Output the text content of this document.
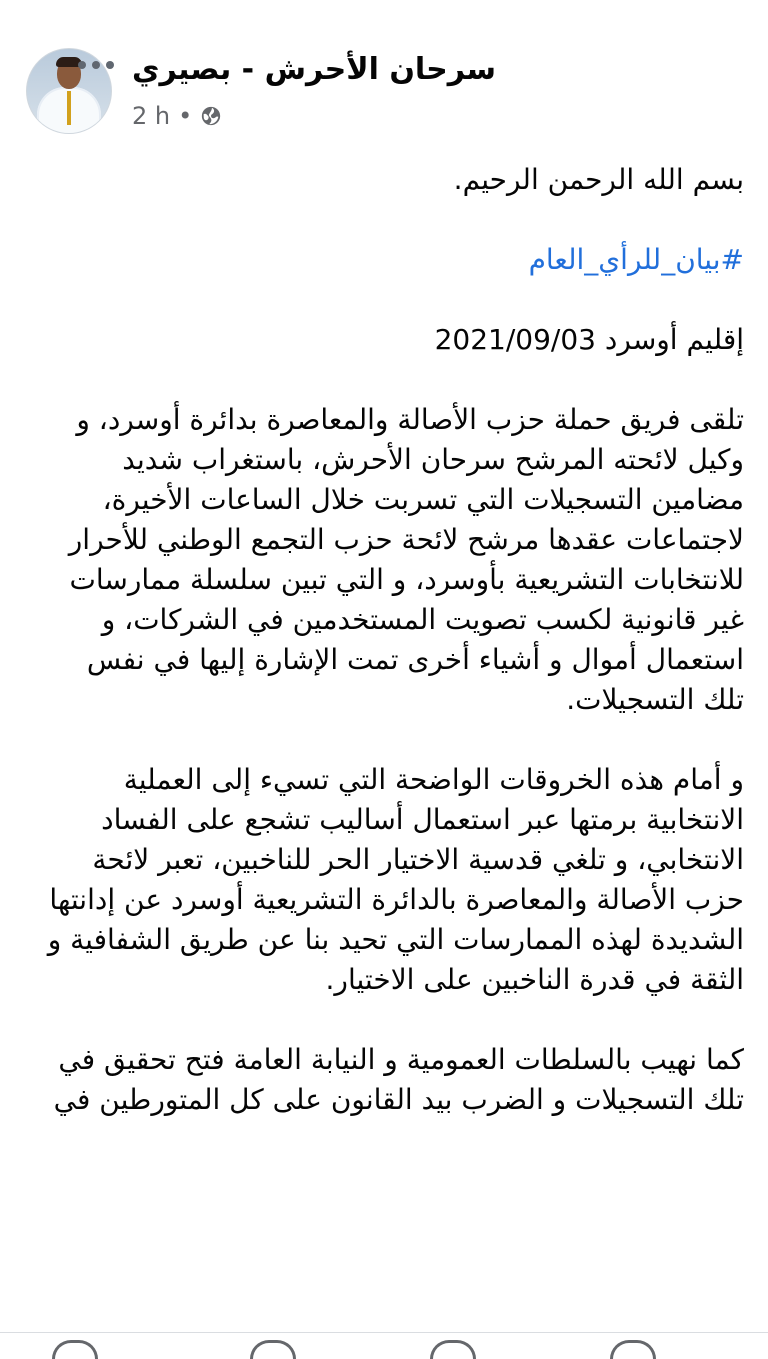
سرحان الأحرش - بصيري
2 h •
بسم الله الرحمن الرحيم.
#بيان_للرأي_العام
إقليم أوسرد 2021/09/03
تلقى فريق حملة حزب الأصالة والمعاصرة بدائرة أوسرد، و
وكيل لائحته المرشح سرحان الأحرش، باستغراب شديد
مضامين التسجيلات التي تسربت خلال الساعات الأخيرة،
لاجتماعات عقدها مرشح لائحة حزب التجمع الوطني للأحرار
للانتخابات التشريعية بأوسرد، و التي تبين سلسلة ممارسات
غير قانونية لكسب تصويت المستخدمين في الشركات، و
استعمال أموال و أشياء أخرى تمت الإشارة إليها في نفس
تلك التسجيلات.
و أمام هذه الخروقات الواضحة التي تسيء إلى العملية
الانتخابية برمتها عبر استعمال أساليب تشجع على الفساد
الانتخابي، و تلغي قدسية الاختيار الحر للناخبين، تعبر لائحة
حزب الأصالة والمعاصرة بالدائرة التشريعية أوسرد عن إدانتها
الشديدة لهذه الممارسات التي تحيد بنا عن طريق الشفافية و
الثقة في قدرة الناخبين على الاختيار.
كما نهيب بالسلطات العمومية و النيابة العامة فتح تحقيق في
تلك التسجيلات و الضرب بيد القانون على كل المتورطين في
